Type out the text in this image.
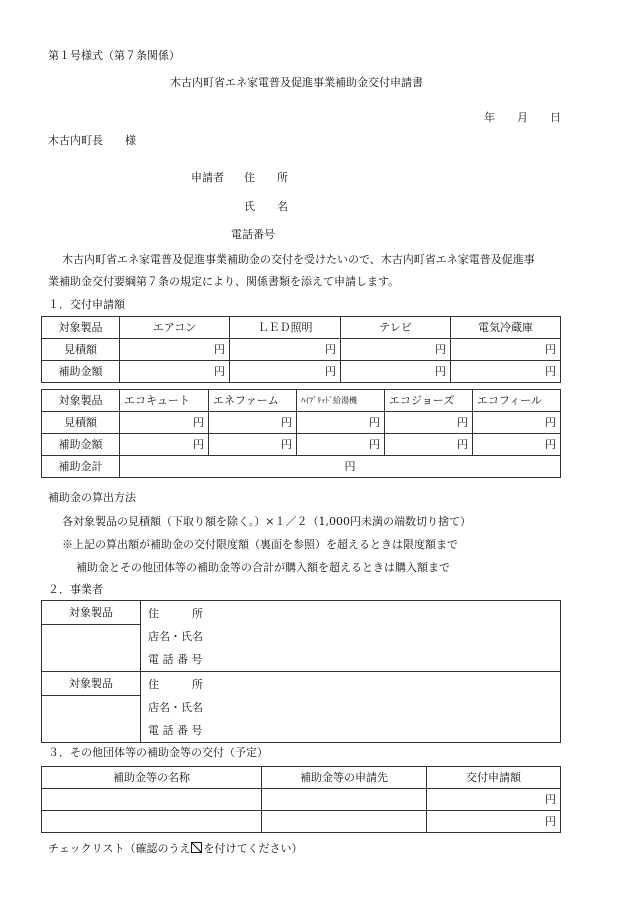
第１号様式（第７条関係）
木古内町省エネ家電普及促進事業補助金交付申請書
年　　月　　日
木古内町長　　様
申請者 住　　所
氏　　名
電話番号
木古内町省エネ家電普及促進事業補助金の交付を受けたいので、木古内町省エネ家電普及促進事
業補助金交付要綱第７条の規定により、関係書類を添えて申請します。
１．交付申請額
対象製品	エアコン	ＬＥＤ照明	テレビ	電気冷蔵庫
見積額	円	円	円	円
補助金額	円	円	円	円
対象製品	エコキュート	エネファーム	ﾊｲﾌﾞﾘｯﾄﾞ給湯機	エコジョーズ	エコフィール
見積額	円	円	円	円	円
補助金額	円	円	円	円	円
補助金計	円				
補助金の算出方法
各対象製品の見積額（下取り額を除く。）×１／２（1,000円未満の端数切り捨て）
※上記の算出額が補助金の交付限度額（裏面を参照）を超えるときは限度額まで
補助金とその他団体等の補助金等の合計が購入額を超えるときは購入額まで
２．事業者
対象製品	住　　　所
店名・氏名
電 話 番 号

対象製品	住　　　所
店名・氏名
電 話 番 号
３．その他団体等の補助金等の交付（予定）
補助金等の名称	補助金等の申請先	交付申請額
		円
		円
チェックリスト（確認のうえ を付けてください）
